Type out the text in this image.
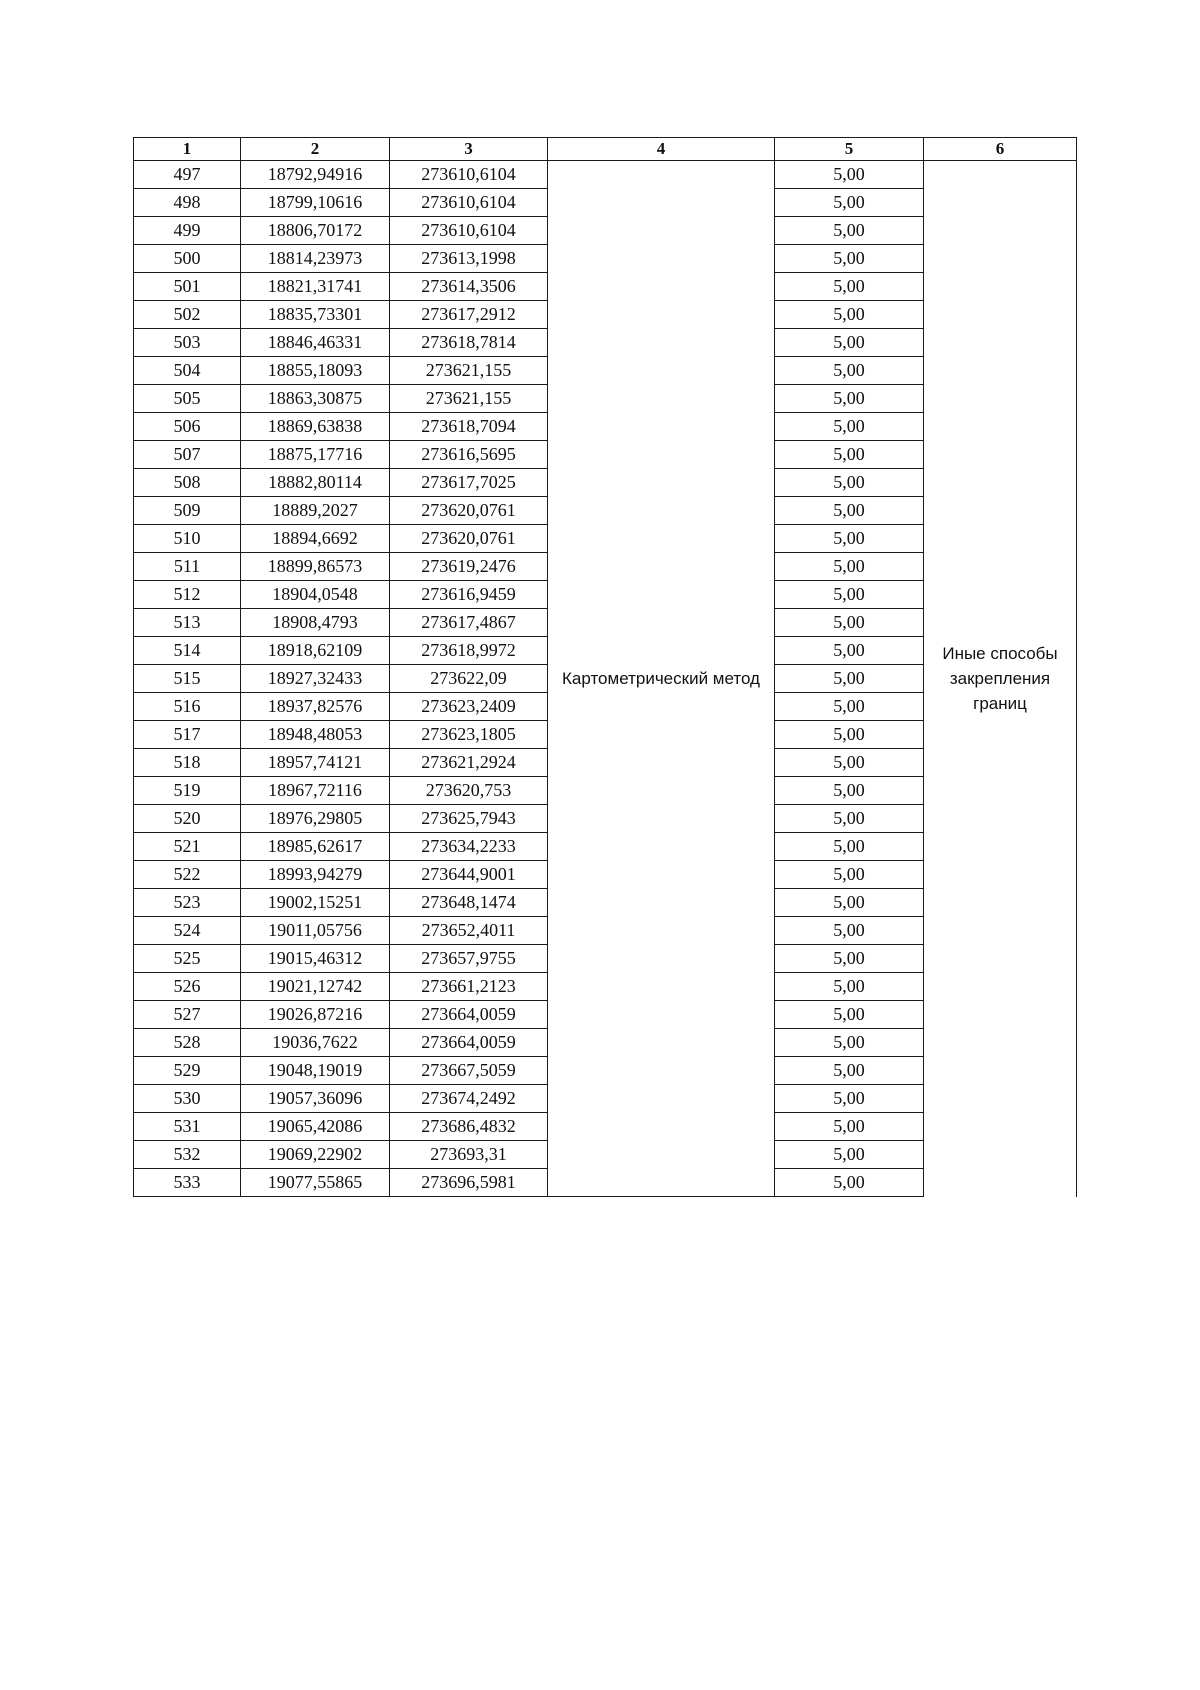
1	2	3	4	5	6
497	18792,94916	273610,6104	Картометрический метод	5,00	Иные способы закрепления границ
498	18799,10616	273610,6104		5,00	
499	18806,70172	273610,6104		5,00	
500	18814,23973	273613,1998		5,00	
501	18821,31741	273614,3506		5,00	
502	18835,73301	273617,2912		5,00	
503	18846,46331	273618,7814		5,00	
504	18855,18093	273621,155		5,00	
505	18863,30875	273621,155		5,00	
506	18869,63838	273618,7094		5,00	
507	18875,17716	273616,5695		5,00	
508	18882,80114	273617,7025		5,00	
509	18889,2027	273620,0761		5,00	
510	18894,6692	273620,0761		5,00	
511	18899,86573	273619,2476		5,00	
512	18904,0548	273616,9459		5,00	
513	18908,4793	273617,4867		5,00	
514	18918,62109	273618,9972		5,00	
515	18927,32433	273622,09		5,00	
516	18937,82576	273623,2409		5,00	
517	18948,48053	273623,1805		5,00	
518	18957,74121	273621,2924		5,00	
519	18967,72116	273620,753		5,00	
520	18976,29805	273625,7943		5,00	
521	18985,62617	273634,2233		5,00	
522	18993,94279	273644,9001		5,00	
523	19002,15251	273648,1474		5,00	
524	19011,05756	273652,4011		5,00	
525	19015,46312	273657,9755		5,00	
526	19021,12742	273661,2123		5,00	
527	19026,87216	273664,0059		5,00	
528	19036,7622	273664,0059		5,00	
529	19048,19019	273667,5059		5,00	
530	19057,36096	273674,2492		5,00	
531	19065,42086	273686,4832		5,00	
532	19069,22902	273693,31		5,00	
533	19077,55865	273696,5981		5,00	
